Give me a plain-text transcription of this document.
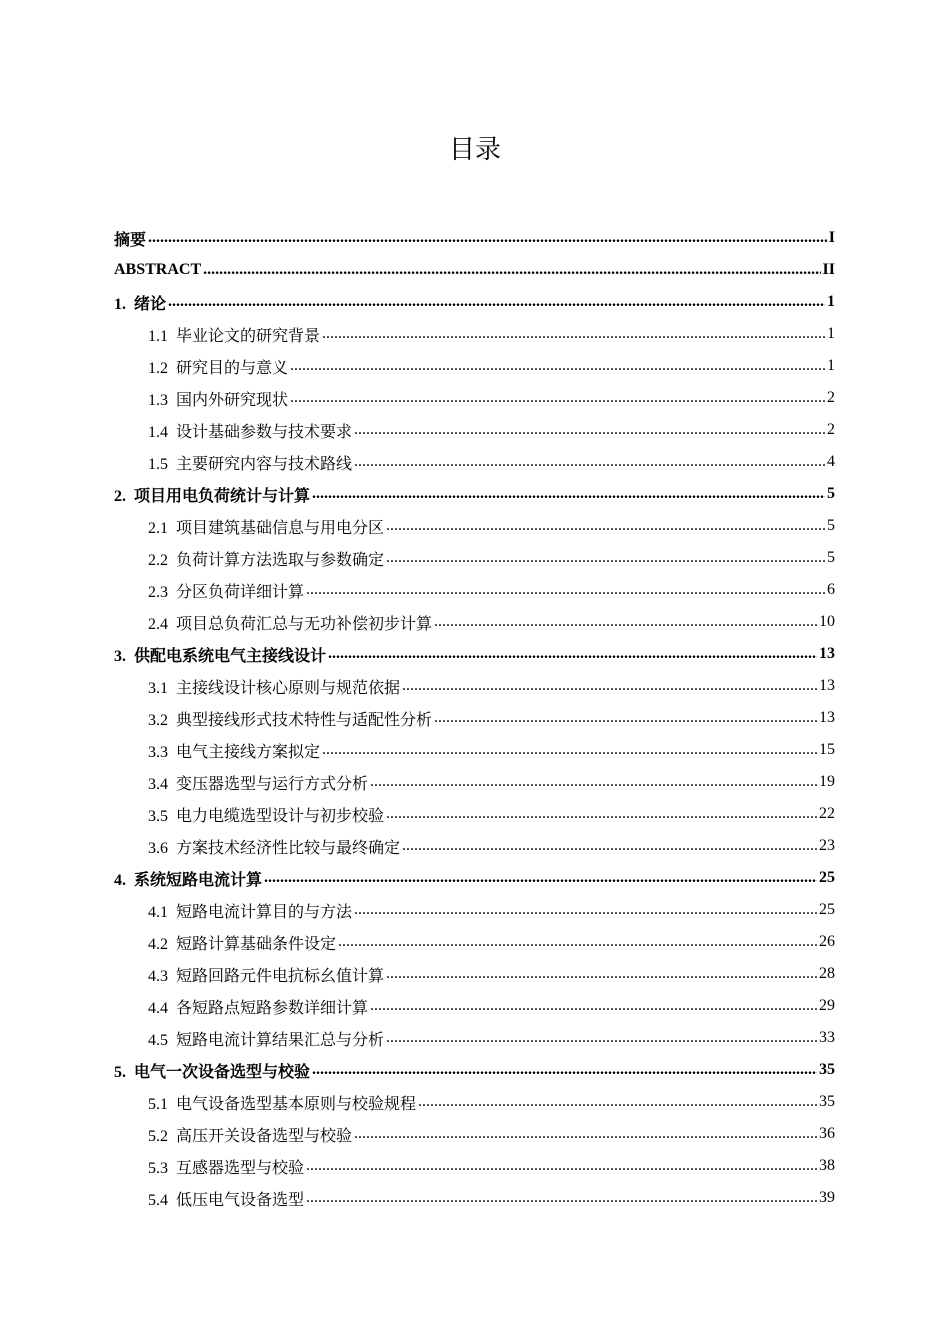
目录
摘要 .....	I
ABSTRACT .....	II
1. 绪论 .....	1
1.1 毕业论文的研究背景 .....	1
1.2 研究目的与意义 .....	1
1.3 国内外研究现状 .....	2
1.4 设计基础参数与技术要求 .....	2
1.5 主要研究内容与技术路线 .....	4
2. 项目用电负荷统计与计算 .....	5
2.1 项目建筑基础信息与用电分区 .....	5
2.2 负荷计算方法选取与参数确定 .....	5
2.3 分区负荷详细计算 .....	6
2.4 项目总负荷汇总与无功补偿初步计算 .....	10
3. 供配电系统电气主接线设计 .....	13
3.1 主接线设计核心原则与规范依据 .....	13
3.2 典型接线形式技术特性与适配性分析 .....	13
3.3 电气主接线方案拟定 .....	15
3.4 变压器选型与运行方式分析 .....	19
3.5 电力电缆选型设计与初步校验 .....	22
3.6 方案技术经济性比较与最终确定 .....	23
4. 系统短路电流计算 .....	25
4.1 短路电流计算目的与方法 .....	25
4.2 短路计算基础条件设定 .....	26
4.3 短路回路元件电抗标幺值计算 .....	28
4.4 各短路点短路参数详细计算 .....	29
4.5 短路电流计算结果汇总与分析 .....	33
5. 电气一次设备选型与校验 .....	35
5.1 电气设备选型基本原则与校验规程 .....	35
5.2 高压开关设备选型与校验 .....	36
5.3 互感器选型与校验 .....	38
5.4 低压电气设备选型 .....	39
